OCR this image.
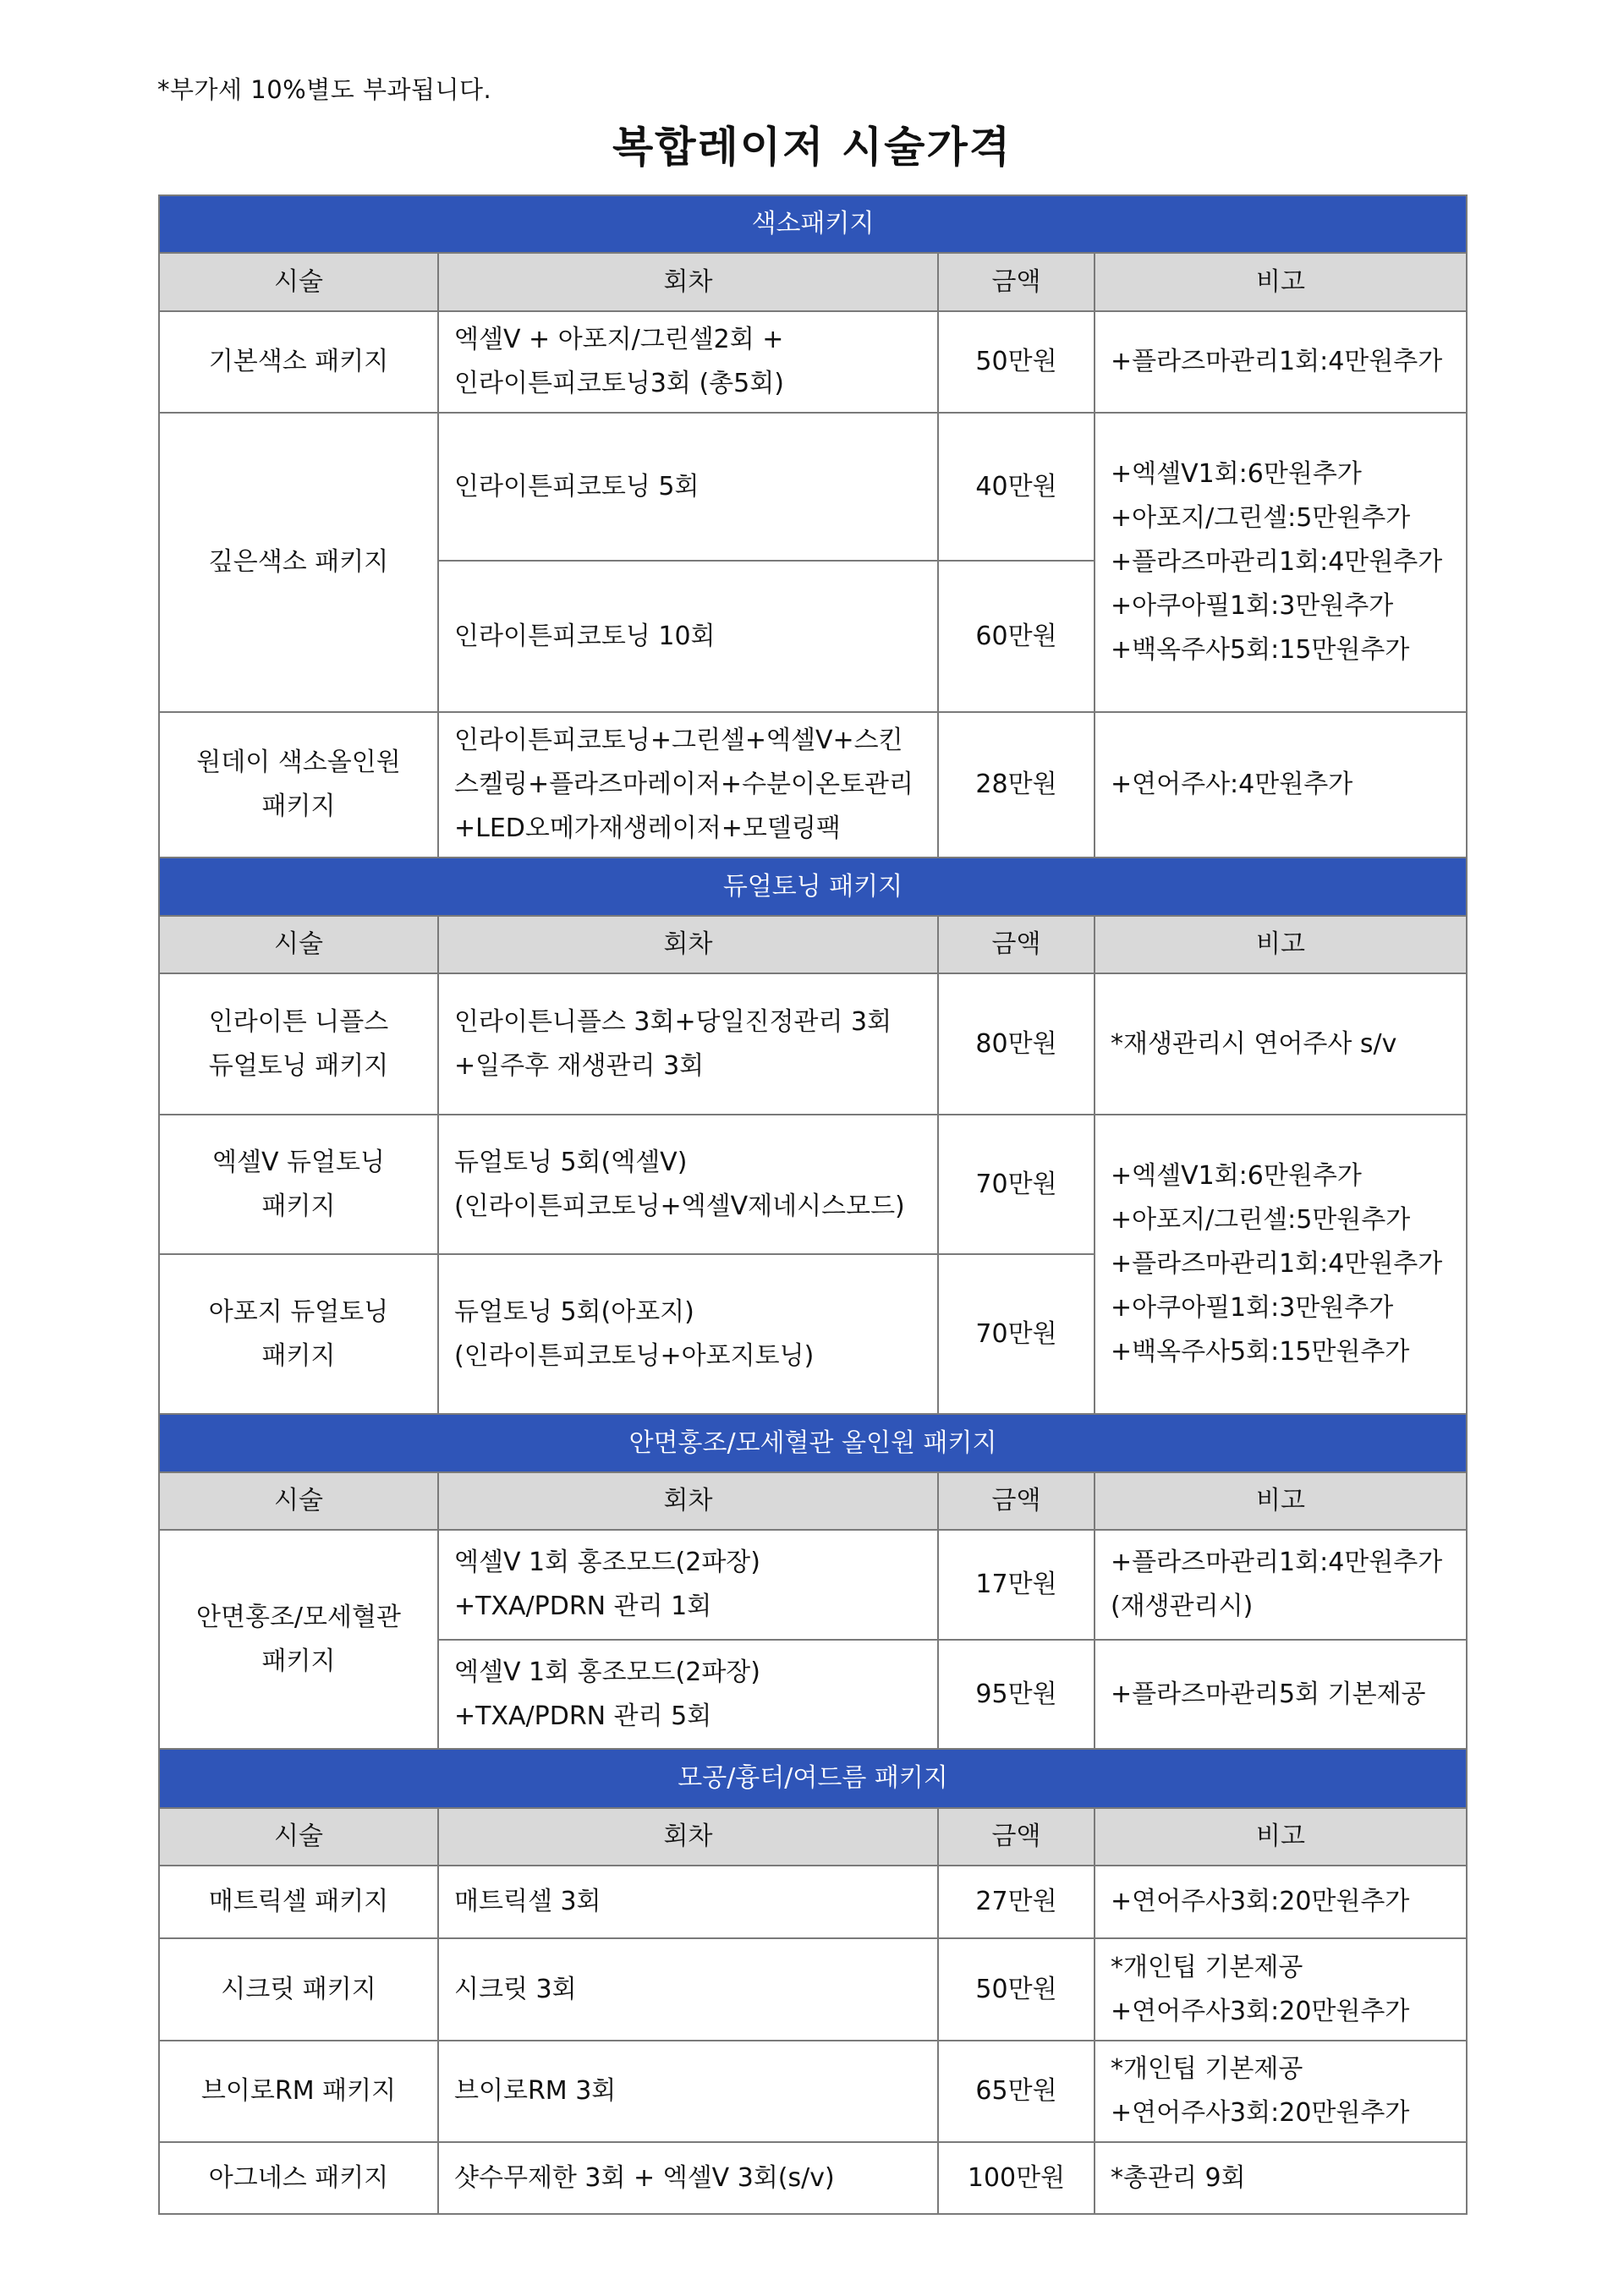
*부가세 10%별도 부과됩니다.
복합레이저 시술가격
색소패키지			
시술	회차	금액	비고

기본색소 패키지	엑셀V + 아포지/그린셀2회 +
인라이튼피코토닝3회 (총5회)	50만원	+플라즈마관리1회:4만원추가

깊은색소 패키지	인라이튼피코토닝 5회	40만원	+엑셀V1회:6만원추가
+아포지/그린셀:5만원추가
+플라즈마관리1회:4만원추가
+아쿠아필1회:3만원추가
+백옥주사5회:15만원추가

	인라이튼피코토닝 10회	60만원	

원데이 색소올인원
패키지	인라이튼피코토닝+그린셀+엑셀V+스킨
스켈링+플라즈마레이저+수분이온토관리
+LED오메가재생레이저+모델링팩	28만원	+연어주사:4만원추가

듀얼토닝 패키지			
시술	회차	금액	비고

인라이튼 니플스
듀얼토닝 패키지	인라이튼니플스 3회+당일진정관리 3회
+일주후 재생관리 3회	80만원	*재생관리시 연어주사 s/v

엑셀V 듀얼토닝
패키지	듀얼토닝 5회(엑셀V)
(인라이튼피코토닝+엑셀V제네시스모드)	70만원	+엑셀V1회:6만원추가
+아포지/그린셀:5만원추가
+플라즈마관리1회:4만원추가
+아쿠아필1회:3만원추가
+백옥주사5회:15만원추가

아포지 듀얼토닝
패키지	듀얼토닝 5회(아포지)
(인라이튼피코토닝+아포지토닝)	70만원	
안면홍조/모세혈관 올인원 패키지			
시술	회차	금액	비고

안면홍조/모세혈관
패키지	엑셀V 1회 홍조모드(2파장)
+TXA/PDRN 관리 1회	17만원	+플라즈마관리1회:4만원추가
(재생관리시)

	엑셀V 1회 홍조모드(2파장)
+TXA/PDRN 관리 5회	95만원	+플라즈마관리5회 기본제공

모공/흉터/여드름 패키지			
시술	회차	금액	비고

매트릭셀 패키지	매트릭셀 3회	27만원	+연어주사3회:20만원추가

시크릿 패키지	시크릿 3회	50만원	*개인팁 기본제공
+연어주사3회:20만원추가

브이로RM 패키지	브이로RM 3회	65만원	*개인팁 기본제공
+연어주사3회:20만원추가

아그네스 패키지	샷수무제한 3회 + 엑셀V 3회(s/v)	100만원	*총관리 9회
